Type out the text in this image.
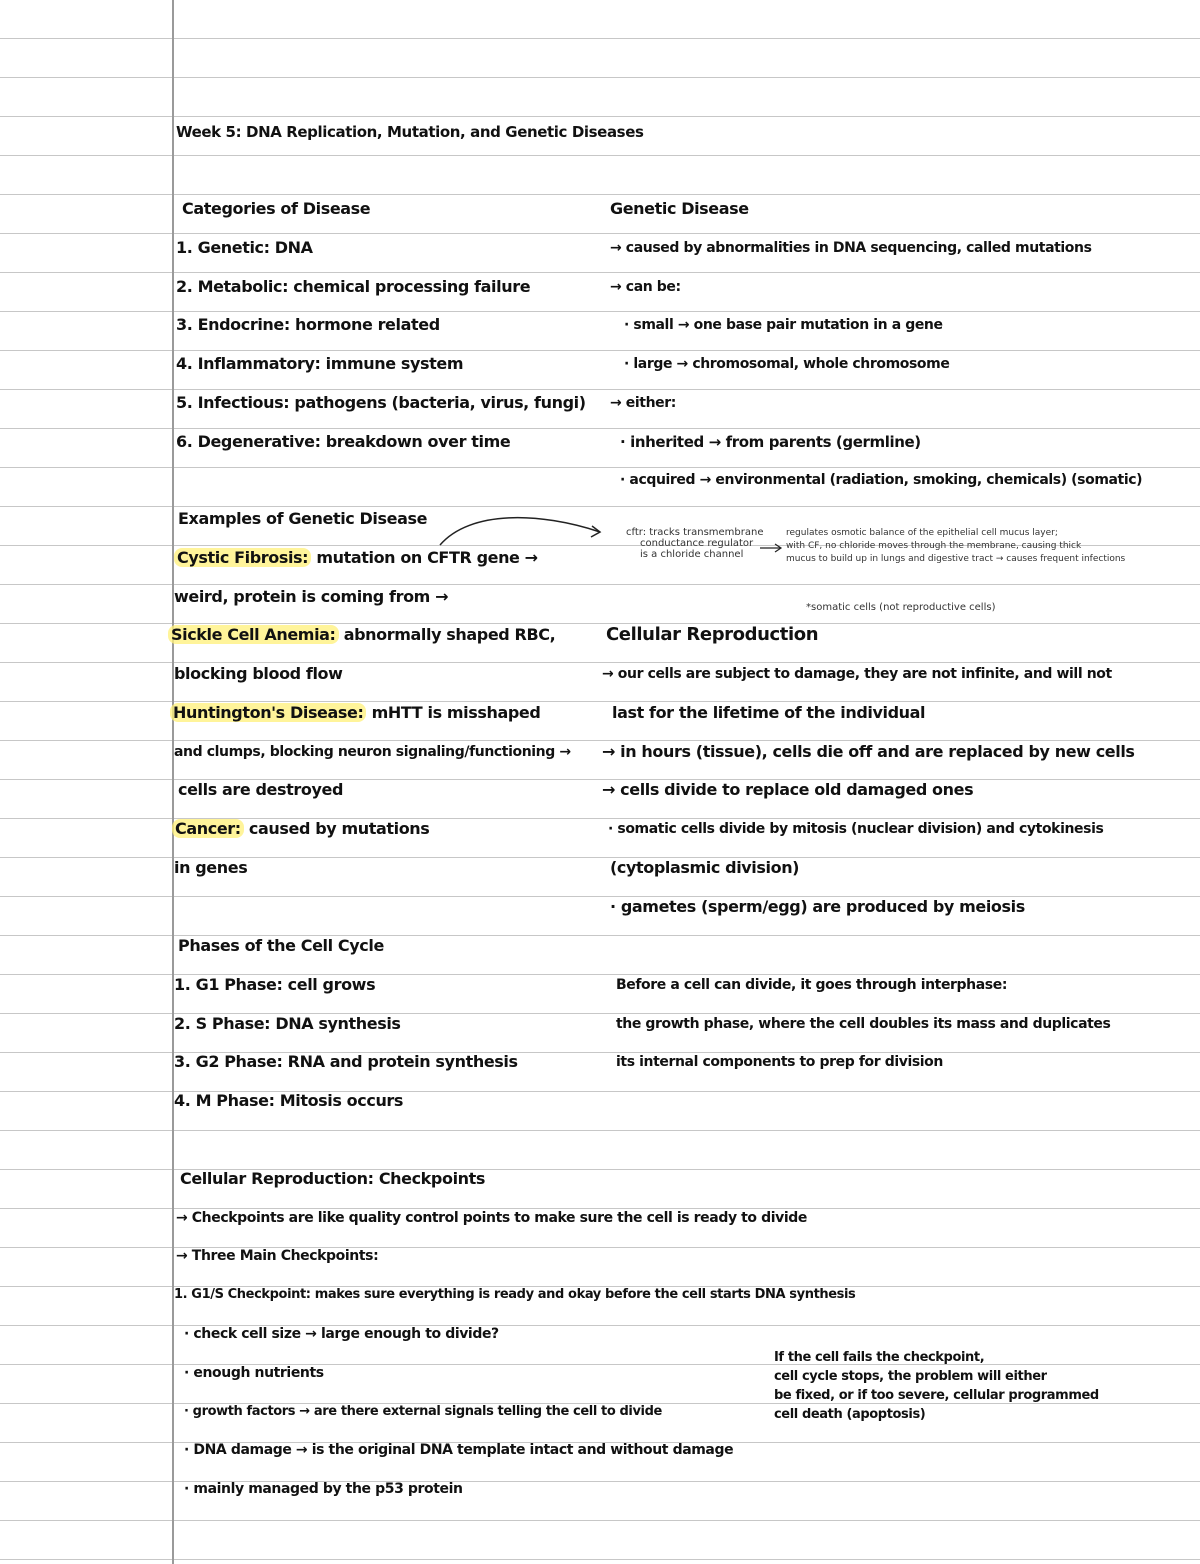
Week 5: DNA Replication, Mutation, and Genetic Diseases
Categories of Disease
1. Genetic: DNA
2. Metabolic: chemical processing failure
3. Endocrine: hormone related
4. Inflammatory: immune system
5. Infectious: pathogens (bacteria, virus, fungi)
6. Degenerative: breakdown over time
Genetic Disease
→ caused by abnormalities in DNA sequencing, called mutations
→ can be:
· small → one base pair mutation in a gene
· large → chromosomal, whole chromosome
→ either:
· inherited → from parents (germline)
· acquired → environmental (radiation, smoking, chemicals) (somatic)
Examples of Genetic Disease
Cystic Fibrosis: mutation on CFTR gene →
weird, protein is coming from →
Sickle Cell Anemia: abnormally shaped RBC,
blocking blood flow
Huntington's Disease: mHTT is misshaped
and clumps, blocking neuron signaling/functioning →
cells are destroyed
Cancer: caused by mutations
in genes
cftr: tracks transmembrane
conductance regulator
is a chloride channel
regulates osmotic balance of the epithelial cell mucus layer;
with CF, no chloride moves through the membrane, causing thick
mucus to build up in lungs and digestive tract → causes frequent infections
*somatic cells (not reproductive cells)
Cellular Reproduction
→ our cells are subject to damage, they are not infinite, and will not
last for the lifetime of the individual
→ in hours (tissue), cells die off and are replaced by new cells
→ cells divide to replace old damaged ones
· somatic cells divide by mitosis (nuclear division) and cytokinesis
(cytoplasmic division)
· gametes (sperm/egg) are produced by meiosis
Phases of the Cell Cycle
1. G1 Phase: cell grows
2. S Phase: DNA synthesis
3. G2 Phase: RNA and protein synthesis
4. M Phase: Mitosis occurs
Before a cell can divide, it goes through interphase:
the growth phase, where the cell doubles its mass and duplicates
its internal components to prep for division
Cellular Reproduction: Checkpoints
→ Checkpoints are like quality control points to make sure the cell is ready to divide
→ Three Main Checkpoints:
1. G1/S Checkpoint: makes sure everything is ready and okay before the cell starts DNA synthesis
· check cell size → large enough to divide?
· enough nutrients
· growth factors → are there external signals telling the cell to divide
· DNA damage → is the original DNA template intact and without damage
· mainly managed by the p53 protein
If the cell fails the checkpoint,
cell cycle stops, the problem will either
be fixed, or if too severe, cellular programmed
cell death (apoptosis)
